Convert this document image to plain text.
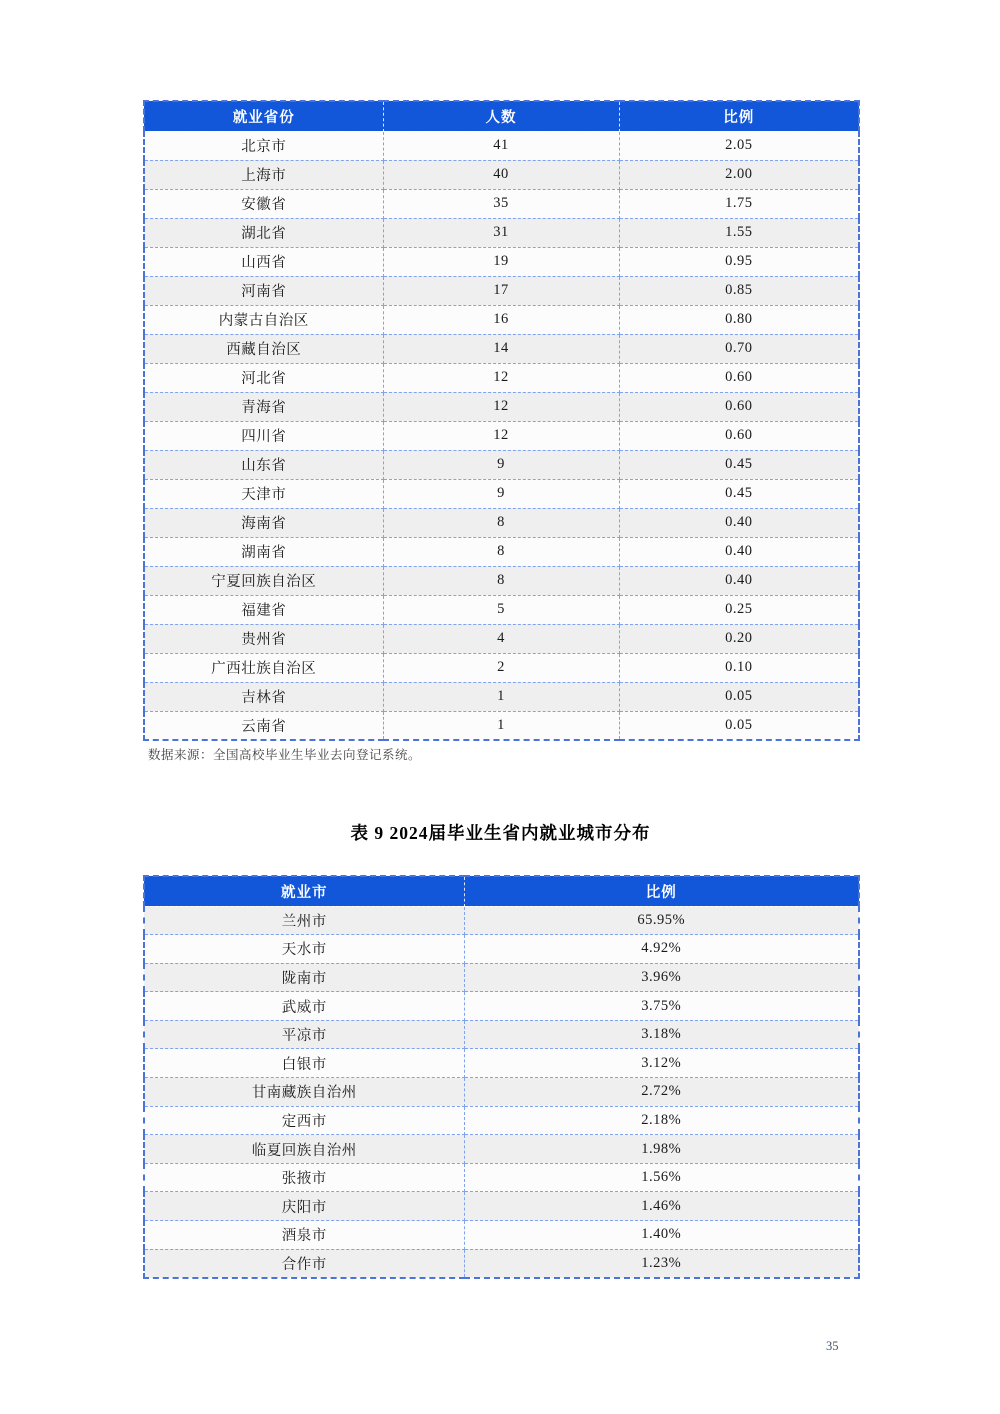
就业省份	人数	比例
北京市	41	2.05
上海市	40	2.00
安徽省	35	1.75
湖北省	31	1.55
山西省	19	0.95
河南省	17	0.85
内蒙古自治区	16	0.80
西藏自治区	14	0.70
河北省	12	0.60
青海省	12	0.60
四川省	12	0.60
山东省	9	0.45
天津市	9	0.45
海南省	8	0.40
湖南省	8	0.40
宁夏回族自治区	8	0.40
福建省	5	0.25
贵州省	4	0.20
广西壮族自治区	2	0.10
吉林省	1	0.05
云南省	1	0.05

数据来源：全国高校毕业生毕业去向登记系统。

表 9 2024届毕业生省内就业城市分布
就业市	比例
兰州市	65.95%
天水市	4.92%
陇南市	3.96%
武威市	3.75%
平凉市	3.18%
白银市	3.12%
甘南藏族自治州	2.72%
定西市	2.18%
临夏回族自治州	1.98%
张掖市	1.56%
庆阳市	1.46%
酒泉市	1.40%
合作市	1.23%
35
